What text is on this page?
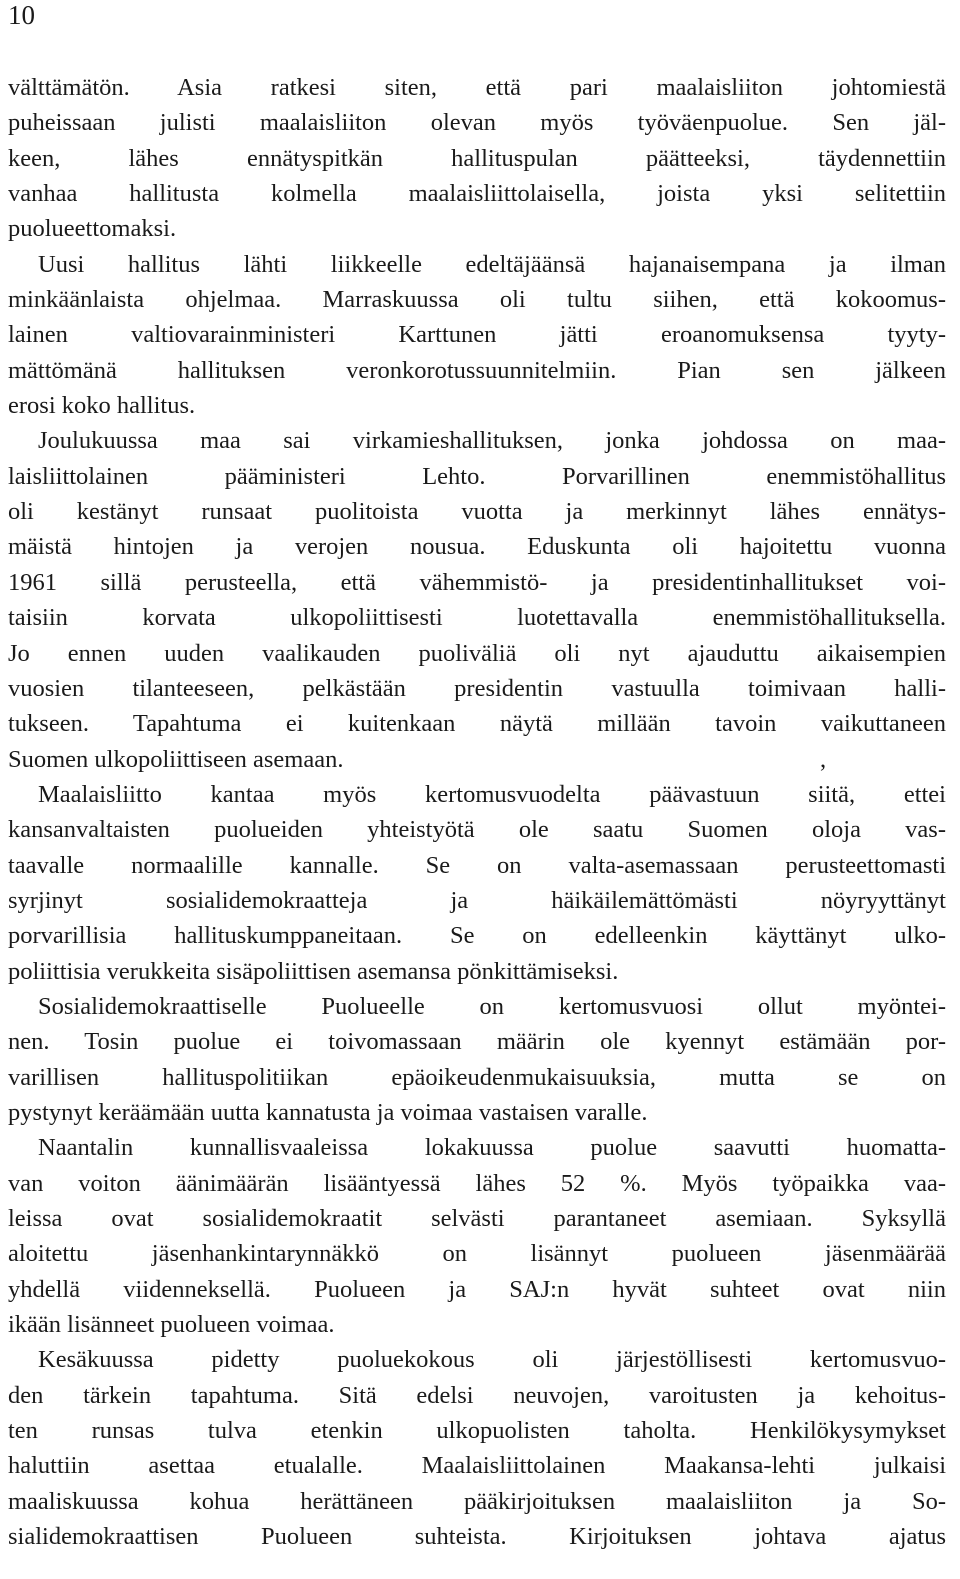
10
välttämätön. Asia ratkesi siten, että pari maalaisliiton johtomiestä
puheissaan julisti maalaisliiton olevan myös työväenpuolue. Sen jäl-
keen, lähes ennätyspitkän hallituspulan päätteeksi, täydennettiin
vanhaa hallitusta kolmella maalaisliittolaisella, joista yksi selitettiin
puolueettomaksi.
Uusi hallitus lähti liikkeelle edeltäjäänsä hajanaisempana ja ilman
minkäänlaista ohjelmaa. Marraskuussa oli tultu siihen, että kokoomus-
lainen valtiovarainministeri Karttunen jätti eroanomuksensa tyyty-
mättömänä hallituksen veronkorotussuunnitelmiin. Pian sen jälkeen
erosi koko hallitus.
Joulukuussa maa sai virkamieshallituksen, jonka johdossa on maa-
laisliittolainen pääministeri Lehto. Porvarillinen enemmistöhallitus
oli kestänyt runsaat puolitoista vuotta ja merkinnyt lähes ennätys-
mäistä hintojen ja verojen nousua. Eduskunta oli hajoitettu vuonna
1961 sillä perusteella, että vähemmistö- ja presidentinhallitukset voi-
taisiin korvata ulkopoliittisesti luotettavalla enemmistöhallituksella.
Jo ennen uuden vaalikauden puoliväliä oli nyt ajauduttu aikaisempien
vuosien tilanteeseen, pelkästään presidentin vastuulla toimivaan halli-
tukseen. Tapahtuma ei kuitenkaan näytä millään tavoin vaikuttaneen
Suomen ulkopoliittiseen asemaan.	,
Maalaisliitto kantaa myös kertomusvuodelta päävastuun siitä, ettei
kansanvaltaisten puolueiden yhteistyötä ole saatu Suomen oloja vas-
taavalle normaalille kannalle. Se on valta-asemassaan perusteettomasti
syrjinyt sosialidemokraatteja ja häikäilemättömästi nöyryyttänyt
porvarillisia hallituskumppaneitaan. Se on edelleenkin käyttänyt ulko-
poliittisia verukkeita sisäpoliittisen asemansa pönkittämiseksi.
Sosialidemokraattiselle Puolueelle on kertomusvuosi ollut myöntei-
nen. Tosin puolue ei toivomassaan määrin ole kyennyt estämään por-
varillisen hallituspolitiikan epäoikeudenmukaisuuksia, mutta se on
pystynyt keräämään uutta kannatusta ja voimaa vastaisen varalle.
Naantalin kunnallisvaaleissa lokakuussa puolue saavutti huomatta-
van voiton äänimäärän lisääntyessä lähes 52 %. Myös työpaikka vaa-
leissa ovat sosialidemokraatit selvästi parantaneet asemiaan. Syksyllä
aloitettu jäsenhankintarynnäkkö on lisännyt puolueen jäsenmäärää
yhdellä viidenneksellä. Puolueen ja SAJ:n hyvät suhteet ovat niin
ikään lisänneet puolueen voimaa.
Kesäkuussa pidetty puoluekokous oli järjestöllisesti kertomusvuo-
den tärkein tapahtuma. Sitä edelsi neuvojen, varoitusten ja kehoitus-
ten runsas tulva etenkin ulkopuolisten taholta. Henkilökysymykset
haluttiin asettaa etualalle. Maalaisliittolainen Maakansa-lehti julkaisi
maaliskuussa kohua herättäneen pääkirjoituksen maalaisliiton ja So-
sialidemokraattisen Puolueen suhteista. Kirjoituksen johtava ajatus
